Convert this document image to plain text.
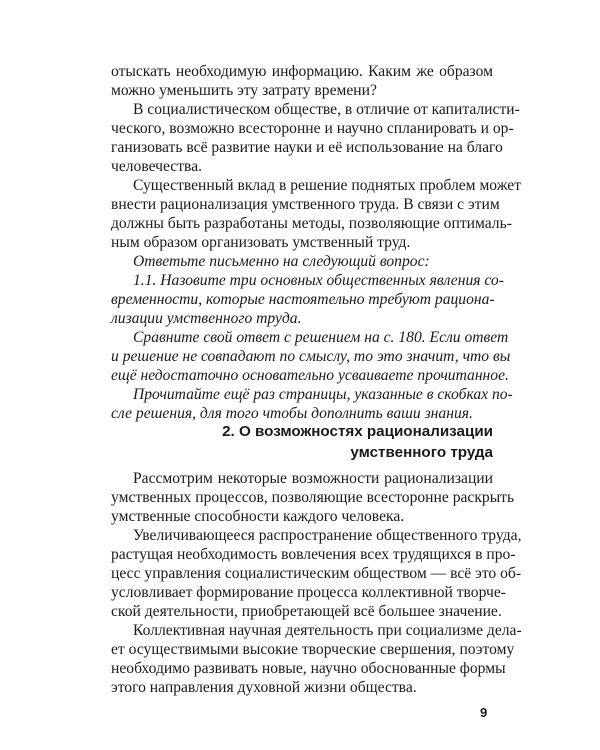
отыскать необходимую информацию. Каким же образом
можно уменьшить эту затрату времени?

В социалистическом обществе, в отличие от капиталисти-
ческого, возможно всесторонне и научно спланировать и ор-
ганизовать всё развитие науки и её использование на благо
человечества.

Существенный вклад в решение поднятых проблем может
внести рационализация умственного труда. В связи с этим
должны быть разработаны методы, позволяющие оптималь-
ным образом организовать умственный труд.

Ответьте письменно на следующий вопрос:

1.1. Назовите три основных общественных явления со-
временности, которые настоятельно требуют рациона-
лизации умственного труда.

Сравните свой ответ с решением на с. 180. Если ответ
и решение не совпадают по смыслу, то это значит, что вы
ещё недостаточно основательно усваиваете прочитанное.

Прочитайте ещё раз страницы, указанные в скобках по-
сле решения, для того чтобы дополнить ваши знания.

2. О возможностях рационализации
умственного труда

Рассмотрим некоторые возможности рационализации
умственных процессов, позволяющие всесторонне раскрыть
умственные способности каждого человека.

Увеличивающееся распространение общественного труда,
растущая необходимость вовлечения всех трудящихся в про-
цесс управления социалистическим обществом — всё это об-
условливает формирование процесса коллективной творче-
ской деятельности, приобретающей всё большее значение.

Коллективная научная деятельность при социализме дела-
ет осуществимыми высокие творческие свершения, поэтому
необходимо развивать новые, научно обоснованные формы
этого направления духовной жизни общества.

9
